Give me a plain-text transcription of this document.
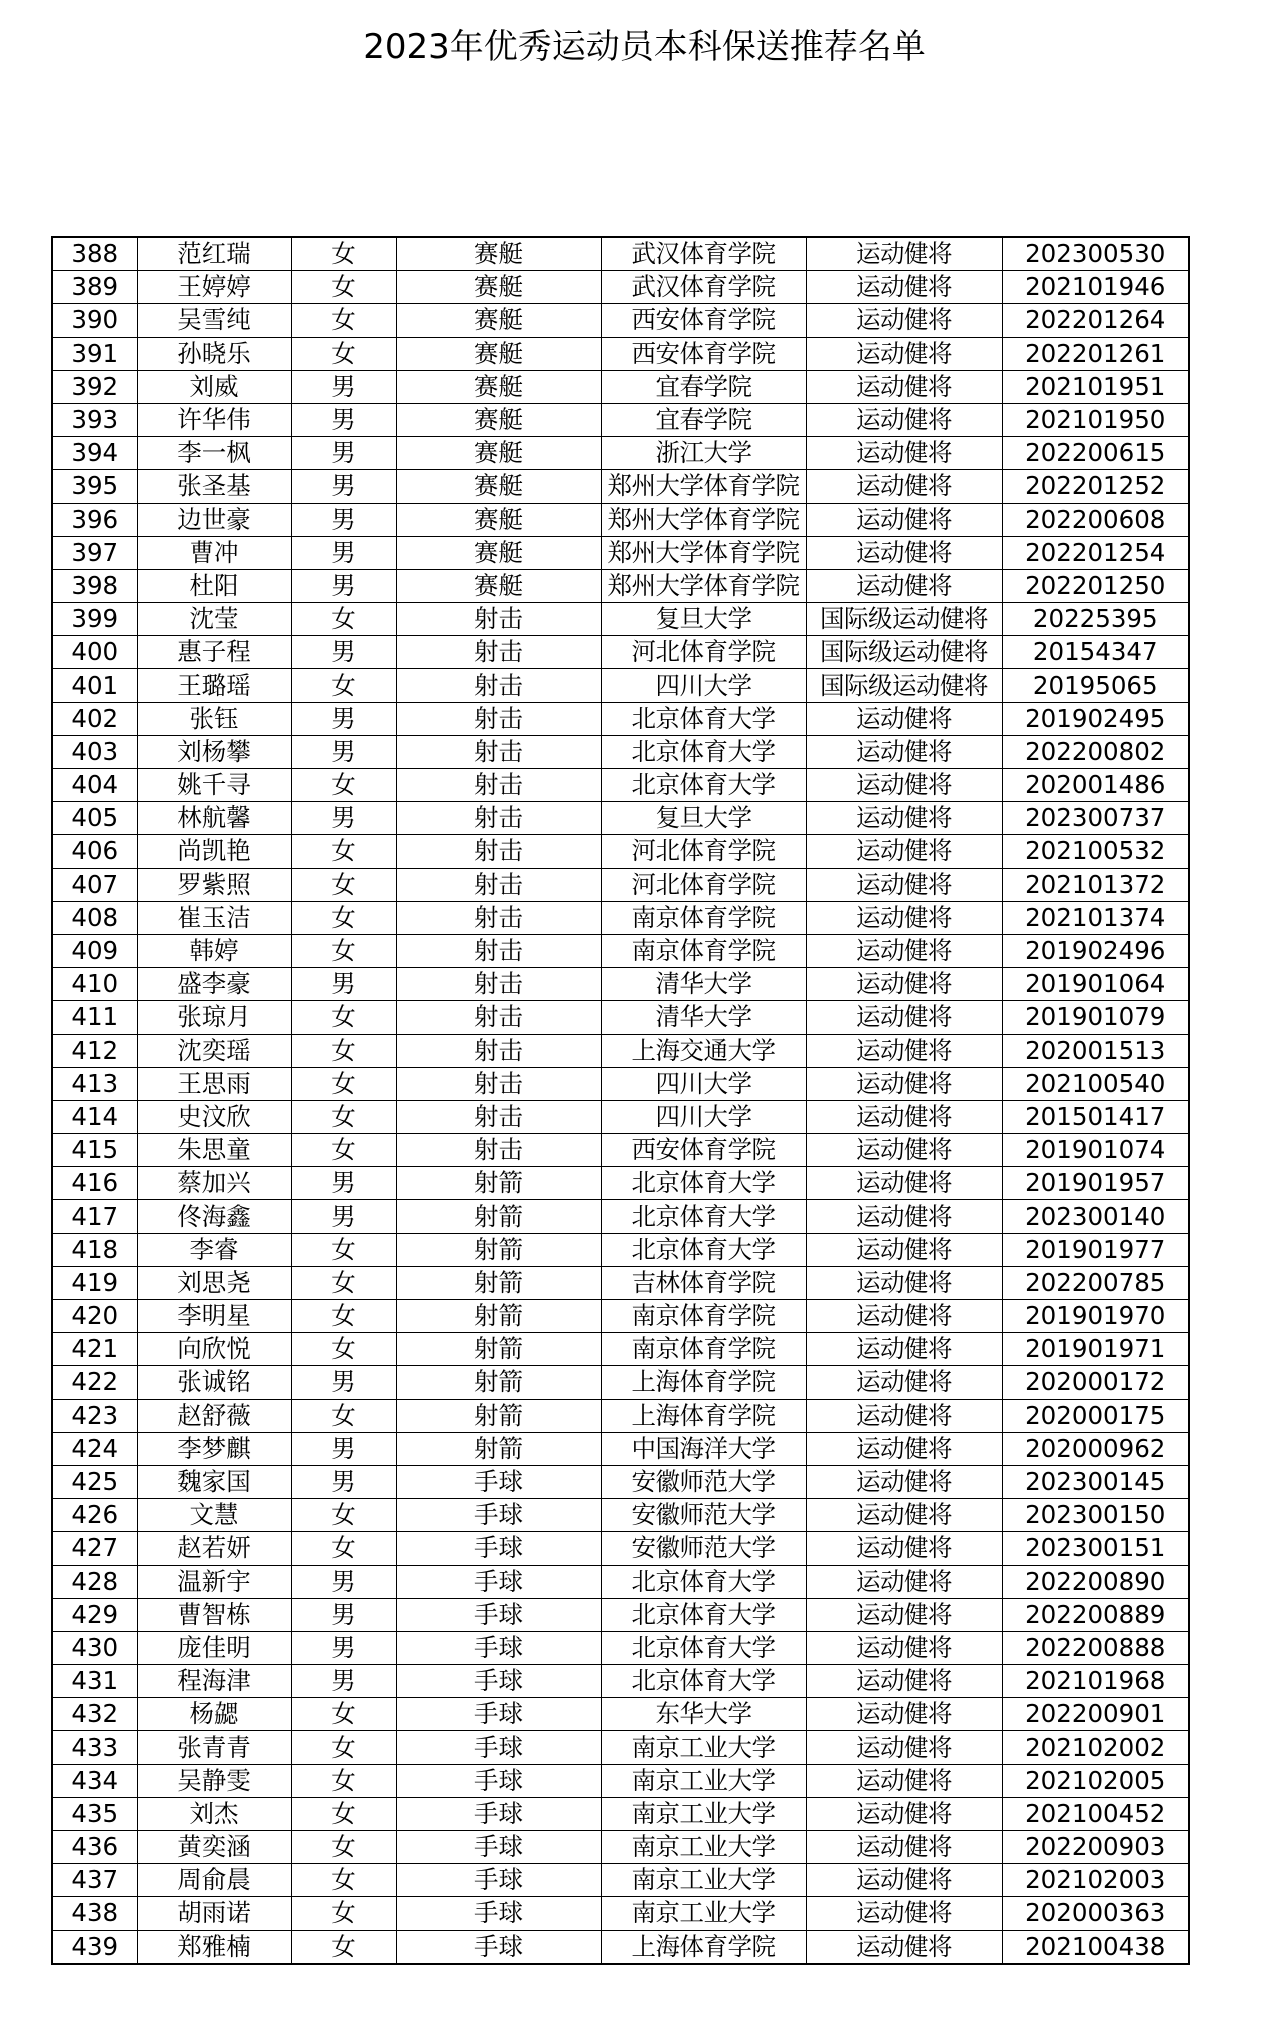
2023年优秀运动员本科保送推荐名单
388	范红瑞	女	赛艇	武汉体育学院	运动健将	202300530
389	王婷婷	女	赛艇	武汉体育学院	运动健将	202101946
390	吴雪纯	女	赛艇	西安体育学院	运动健将	202201264
391	孙晓乐	女	赛艇	西安体育学院	运动健将	202201261
392	刘威	男	赛艇	宜春学院	运动健将	202101951
393	许华伟	男	赛艇	宜春学院	运动健将	202101950
394	李一枫	男	赛艇	浙江大学	运动健将	202200615
395	张圣基	男	赛艇	郑州大学体育学院	运动健将	202201252
396	边世豪	男	赛艇	郑州大学体育学院	运动健将	202200608
397	曹冲	男	赛艇	郑州大学体育学院	运动健将	202201254
398	杜阳	男	赛艇	郑州大学体育学院	运动健将	202201250
399	沈莹	女	射击	复旦大学	国际级运动健将	20225395
400	惠子程	男	射击	河北体育学院	国际级运动健将	20154347
401	王璐瑶	女	射击	四川大学	国际级运动健将	20195065
402	张钰	男	射击	北京体育大学	运动健将	201902495
403	刘杨攀	男	射击	北京体育大学	运动健将	202200802
404	姚千寻	女	射击	北京体育大学	运动健将	202001486
405	林航馨	男	射击	复旦大学	运动健将	202300737
406	尚凯艳	女	射击	河北体育学院	运动健将	202100532
407	罗紫照	女	射击	河北体育学院	运动健将	202101372
408	崔玉洁	女	射击	南京体育学院	运动健将	202101374
409	韩婷	女	射击	南京体育学院	运动健将	201902496
410	盛李豪	男	射击	清华大学	运动健将	201901064
411	张琼月	女	射击	清华大学	运动健将	201901079
412	沈奕瑶	女	射击	上海交通大学	运动健将	202001513
413	王思雨	女	射击	四川大学	运动健将	202100540
414	史汶欣	女	射击	四川大学	运动健将	201501417
415	朱思童	女	射击	西安体育学院	运动健将	201901074
416	蔡加兴	男	射箭	北京体育大学	运动健将	201901957
417	佟海鑫	男	射箭	北京体育大学	运动健将	202300140
418	李睿	女	射箭	北京体育大学	运动健将	201901977
419	刘思尧	女	射箭	吉林体育学院	运动健将	202200785
420	李明星	女	射箭	南京体育学院	运动健将	201901970
421	向欣悦	女	射箭	南京体育学院	运动健将	201901971
422	张诚铭	男	射箭	上海体育学院	运动健将	202000172
423	赵舒薇	女	射箭	上海体育学院	运动健将	202000175
424	李梦麒	男	射箭	中国海洋大学	运动健将	202000962
425	魏家国	男	手球	安徽师范大学	运动健将	202300145
426	文慧	女	手球	安徽师范大学	运动健将	202300150
427	赵若妍	女	手球	安徽师范大学	运动健将	202300151
428	温新宇	男	手球	北京体育大学	运动健将	202200890
429	曹智栋	男	手球	北京体育大学	运动健将	202200889
430	庞佳明	男	手球	北京体育大学	运动健将	202200888
431	程海津	男	手球	北京体育大学	运动健将	202101968
432	杨勰	女	手球	东华大学	运动健将	202200901
433	张青青	女	手球	南京工业大学	运动健将	202102002
434	吴静雯	女	手球	南京工业大学	运动健将	202102005
435	刘杰	女	手球	南京工业大学	运动健将	202100452
436	黄奕涵	女	手球	南京工业大学	运动健将	202200903
437	周俞晨	女	手球	南京工业大学	运动健将	202102003
438	胡雨诺	女	手球	南京工业大学	运动健将	202000363
439	郑雅楠	女	手球	上海体育学院	运动健将	202100438
